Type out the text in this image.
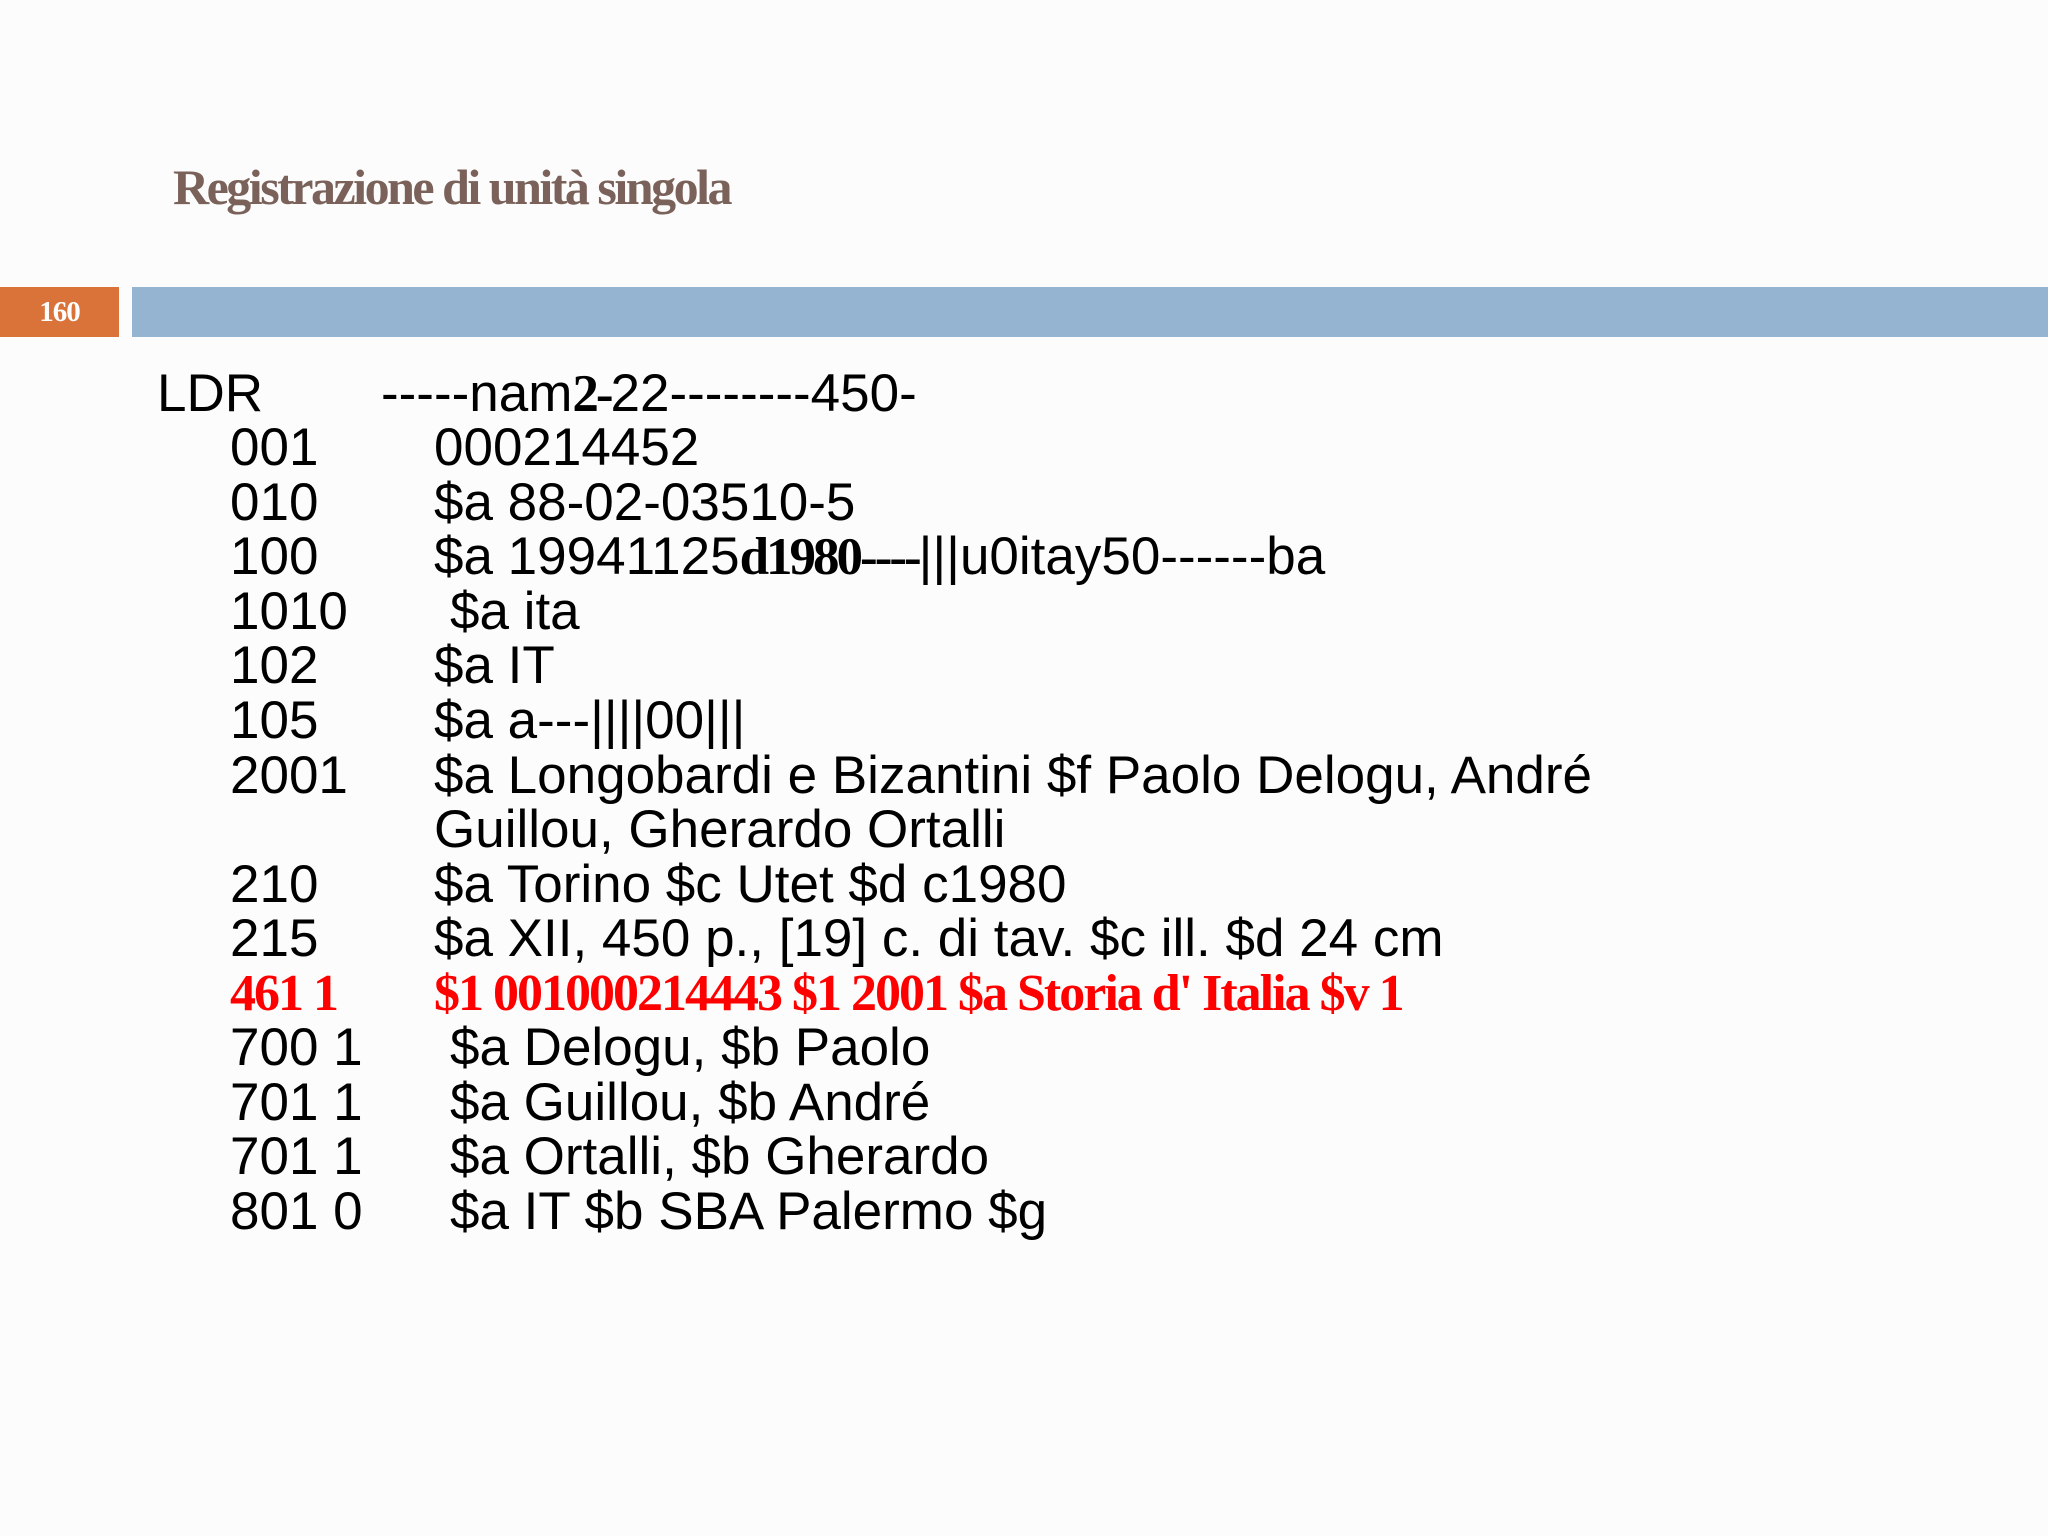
Registrazione di unità singola
160
LDR -----nam2-22--------450-
001 000214452
010 $a 88-02-03510-5
100 $a 19941125d1980----|||u0itay50------ba
1010 $a ita
102 $a IT
105 $a a---||||00|||
2001 $a Longobardi e Bizantini $f Paolo Delogu, André
Guillou, Gherardo Ortalli
210 $a Torino $c Utet $d c1980
215 $a XII, 450 p., [19] c. di tav. $c ill. $d 24 cm
461 1 $1 001000214443 $1 2001 $a Storia d' Italia $v 1
700 1 $a Delogu, $b Paolo
701 1 $a Guillou, $b André
701 1 $a Ortalli, $b Gherardo
801 0 $a IT $b SBA Palermo $g
